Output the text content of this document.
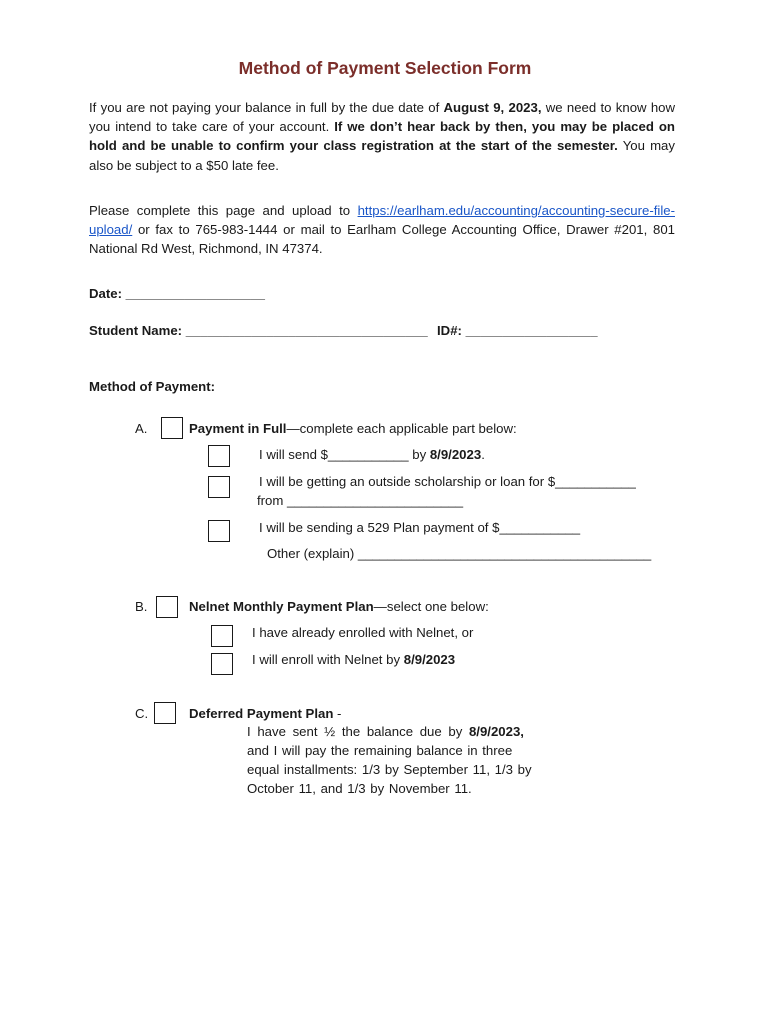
Method of Payment Selection Form
If you are not paying your balance in full by the due date of August 9, 2023, we need to know how you intend to take care of your account. If we don’t hear back by then, you may be placed on hold and be unable to confirm your class registration at the start of the semester. You may also be subject to a $50 late fee.
Please complete this page and upload to https://earlham.edu/accounting/accounting-secure-file-upload/ or fax to 765-983-1444 or mail to Earlham College Accounting Office, Drawer #201, 801 National Rd West, Richmond, IN 47374.
Date: ___________________
Student Name: _________________________________ ID#: __________________
Method of Payment:
A.	Payment in Full—complete each applicable part below:
I will send $___________ by 8/9/2023.
I will be getting an outside scholarship or loan for $___________
from ________________________
I will be sending a 529 Plan payment of $___________
Other (explain) ________________________________________
B.	Nelnet Monthly Payment Plan—select one below:
I have already enrolled with Nelnet, or
I will enroll with Nelnet by 8/9/2023
C.	Deferred Payment Plan -
I have sent ½ the balance due by 8/9/2023,
and I will pay the remaining balance in three
equal installments: 1/3 by September 11, 1/3 by
October 11, and 1/3 by November 11.
